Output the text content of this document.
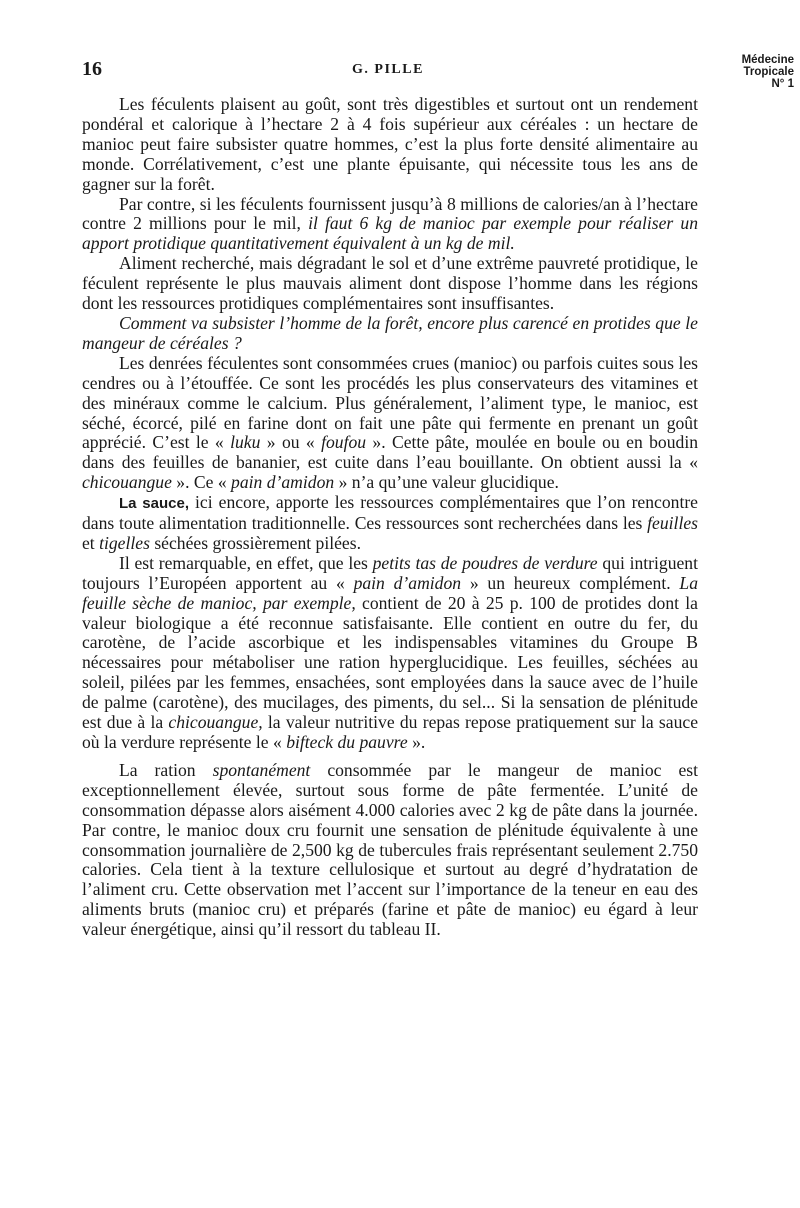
16	G. PILLE
Médecine
Tropicale
N° 1

Les féculents plaisent au goût, sont très digestibles et surtout ont un rendement pondéral et calorique à l’hectare 2 à 4 fois supérieur aux céréales : un hectare de manioc peut faire subsister quatre hommes, c’est la plus forte densité alimentaire au monde. Corrélativement, c’est une plante épuisante, qui nécessite tous les ans de gagner sur la forêt.

Par contre, si les féculents fournissent jusqu’à 8 millions de calories/an à l’hectare contre 2 millions pour le mil, il faut 6 kg de manioc par exemple pour réaliser un apport protidique quantitativement équivalent à un kg de mil.

Aliment recherché, mais dégradant le sol et d’une extrême pauvreté protidique, le féculent représente le plus mauvais aliment dont dispose l’homme dans les régions dont les ressources protidiques complémentaires sont insuffisantes.

Comment va subsister l’homme de la forêt, encore plus carencé en protides que le mangeur de céréales ?

Les denrées féculentes sont consommées crues (manioc) ou parfois cuites sous les cendres ou à l’étouffée. Ce sont les procédés les plus conservateurs des vitamines et des minéraux comme le calcium. Plus généralement, l’aliment type, le manioc, est séché, écorcé, pilé en farine dont on fait une pâte qui fermente en prenant un goût apprécié. C’est le « luku » ou « foufou ». Cette pâte, moulée en boule ou en boudin dans des feuilles de bananier, est cuite dans l’eau bouillante. On obtient aussi la « chicouangue ». Ce « pain d’amidon » n’a qu’une valeur glucidique.

La sauce, ici encore, apporte les ressources complémentaires que l’on rencontre dans toute alimentation traditionnelle. Ces ressources sont recherchées dans les feuilles et tigelles séchées grossièrement pilées.

Il est remarquable, en effet, que les petits tas de poudres de verdure qui intriguent toujours l’Européen apportent au « pain d’amidon » un heureux complément. La feuille sèche de manioc, par exemple, contient de 20 à 25 p. 100 de protides dont la valeur biologique a été reconnue satisfaisante. Elle contient en outre du fer, du carotène, de l’acide ascorbique et les indispensables vitamines du Groupe B nécessaires pour métaboliser une ration hyperglucidique. Les feuilles, séchées au soleil, pilées par les femmes, ensachées, sont employées dans la sauce avec de l’huile de palme (carotène), des mucilages, des piments, du sel... Si la sensation de plénitude est due à la chicouangue, la valeur nutritive du repas repose pratiquement sur la sauce où la verdure représente le « bifteck du pauvre ».

La ration spontanément consommée par le mangeur de manioc est exceptionnellement élevée, surtout sous forme de pâte fermentée. L’unité de consommation dépasse alors aisément 4.000 calories avec 2 kg de pâte dans la journée. Par contre, le manioc doux cru fournit une sensation de plénitude équivalente à une consommation journalière de 2,500 kg de tubercules frais représentant seulement 2.750 calories. Cela tient à la texture cellulosique et surtout au degré d’hydratation de l’aliment cru. Cette observation met l’accent sur l’importance de la teneur en eau des aliments bruts (manioc cru) et préparés (farine et pâte de manioc) eu égard à leur valeur énergétique, ainsi qu’il ressort du tableau II.
